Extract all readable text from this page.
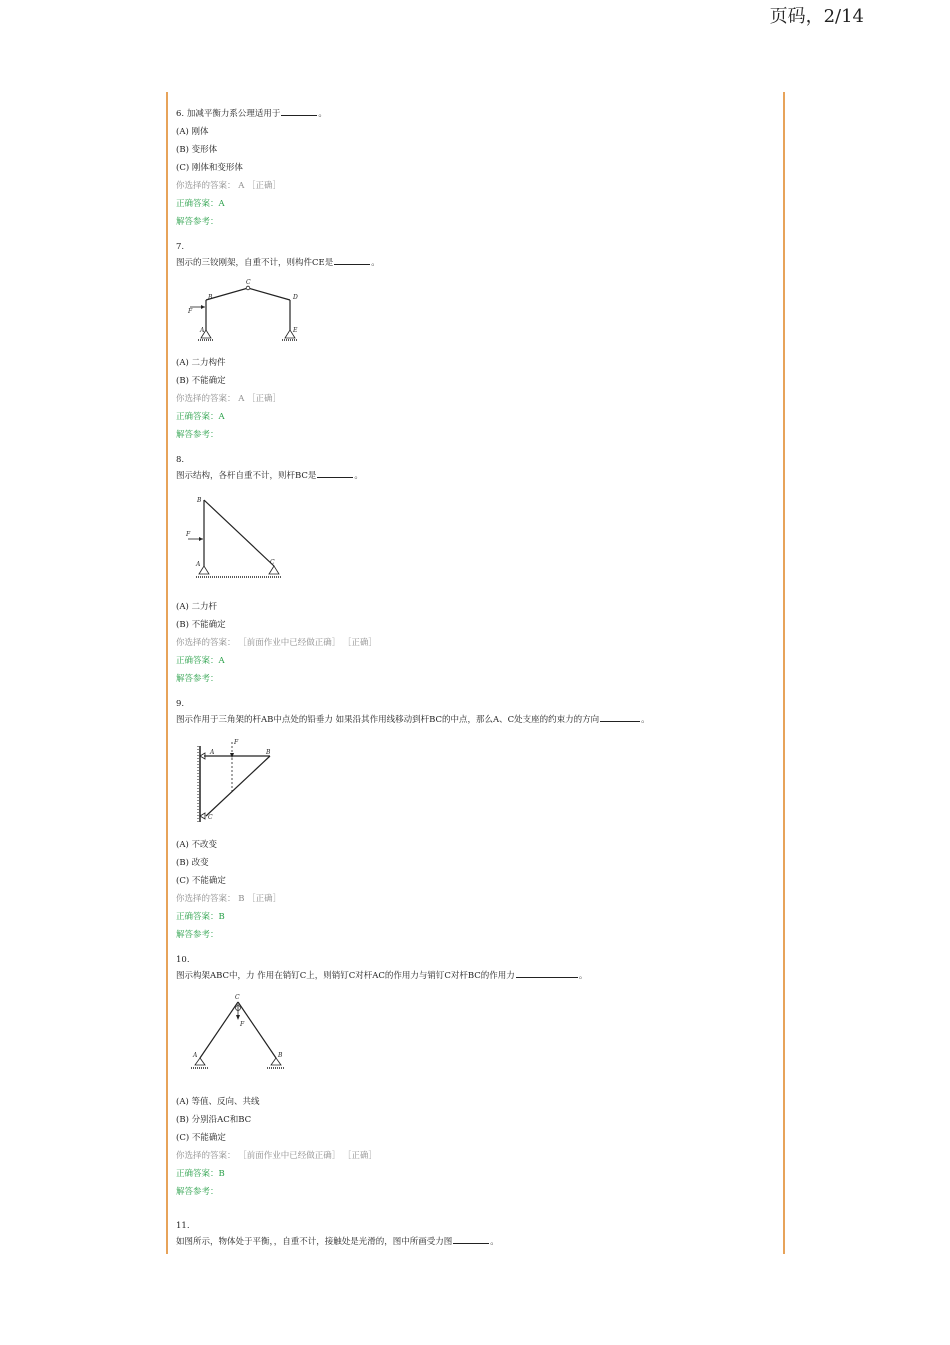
页码，2/14
6. 加减平衡力系公理适用于	。
(A) 刚体
(B) 变形体
(C) 刚体和变形体
你选择的答案： A ［正确］
正确答案：A
解答参考：
7.
图示的三铰刚架，自重不计，则构件CE是	。
C
B	D
F
A	E
(A) 二力构件
(B) 不能确定
你选择的答案： A ［正确］
正确答案：A
解答参考：
8.
图示结构，各杆自重不计，则杆BC是	。
B
F
A	C
(A) 二力杆
(B) 不能确定
你选择的答案： ［前面作业中已经做正确］ ［正确］
正确答案：A
解答参考：
9.
图示作用于三角架的杆AB中点处的铅垂力 如果沿其作用线移动到杆BC的中点，那么A、C处支座的约束力的方向	。
A
F
B
C
(A) 不改变
(B) 改变
(C) 不能确定
你选择的答案： B ［正确］
正确答案：B
解答参考：
10.
图示构架ABC中，力 作用在销钉C上，则销钉C对杆AC的作用力与销钉C对杆BC的作用力	。
C
F
A	B
(A) 等值、反向、共线
(B) 分别沿AC和BC
(C) 不能确定
你选择的答案： ［前面作业中已经做正确］ ［正确］
正确答案：B
解答参考：
11.
如图所示，物体处于平衡，，自重不计，接触处是光滑的，图中所画受力图	。
